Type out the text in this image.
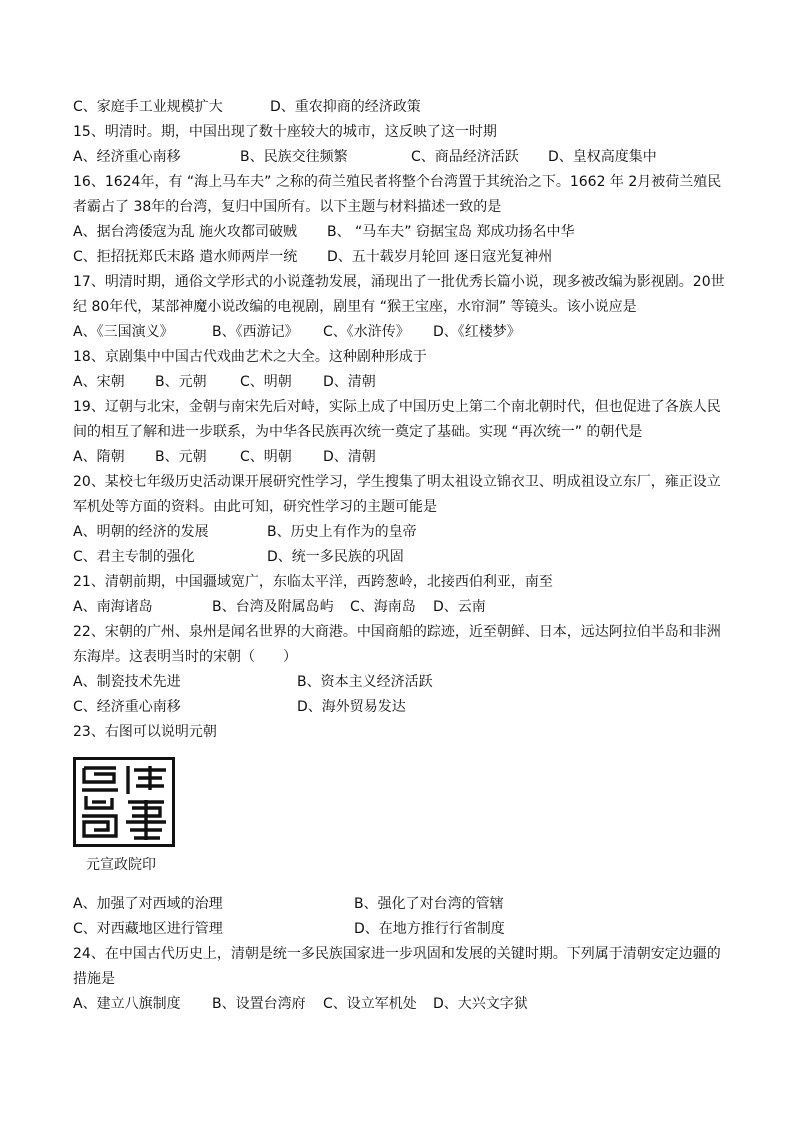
C、家庭手工业规模扩大	D、重农抑商的经济政策
15、明清时。期，中国出现了数十座较大的城市，这反映了这一时期
A、经济重心南移	B、民族交往频繁	C、商品经济活跃 D、皇权高度集中
16、1624年，有 “海上马车夫” 之称的荷兰殖民者将整个台湾置于其统治之下。1662 年 2月被荷兰殖民
者霸占了 38年的台湾，复归中国所有。以下主题与材料描述一致的是
A、据台湾倭寇为乱 施火攻都司破贼 B、 “马车夫” 窃据宝岛 郑成功扬名中华
C、拒招抚郑氏末路 遣水师两岸一统 D、五十载岁月轮回 逐日寇光复神州
17、明清时期，通俗文学形式的小说蓬勃发展，涌现出了一批优秀长篇小说，现多被改编为影视剧。20世
纪 80年代，某部神魔小说改编的电视剧，剧里有 “猴王宝座，水帘洞” 等镜头。该小说应是
A、《三国演义》	B、《西游记》 C、《水浒传》 D、《红楼梦》
18、京剧集中中国古代戏曲艺术之大全。这种剧种形成于
A、宋朝 B、元朝 C、明朝 D、清朝
19、辽朝与北宋，金朝与南宋先后对峙，实际上成了中国历史上第二个南北朝时代，但也促进了各族人民
间的相互了解和进一步联系，为中华各民族再次统一奠定了基础。实现 “再次统一” 的朝代是
A、隋朝 B、元朝 C、明朝 D、清朝
20、某校七年级历史活动课开展研究性学习，学生搜集了明太祖设立锦衣卫、明成祖设立东厂，雍正设立
军机处等方面的资料。由此可知，研究性学习的主题可能是
A、明朝的经济的发展	B、历史上有作为的皇帝
C、君主专制的强化	D、统一多民族的巩固
21、清朝前期，中国疆域宽广，东临太平洋，西跨葱岭，北接西伯利亚，南至
A、南海诸岛	B、台湾及附属岛屿 C、海南岛 D、云南
22、宋朝的广州、泉州是闻名世界的大商港。中国商船的踪迹，近至朝鲜、日本，远达阿拉伯半岛和非洲
东海岸。这表明当时的宋朝（　　）
A、制瓷技术先进	B、资本主义经济活跃
C、经济重心南移	D、海外贸易发达
23、右图可以说明元朝
元宣政院印
A、加强了对西域的治理	B、强化了对台湾的管辖
C、对西藏地区进行管理	D、在地方推行行省制度
24、在中国古代历史上，清朝是统一多民族国家进一步巩固和发展的关键时期。下列属于清朝安定边疆的
措施是
A、建立八旗制度 B、设置台湾府 C、设立军机处 D、大兴文字狱
